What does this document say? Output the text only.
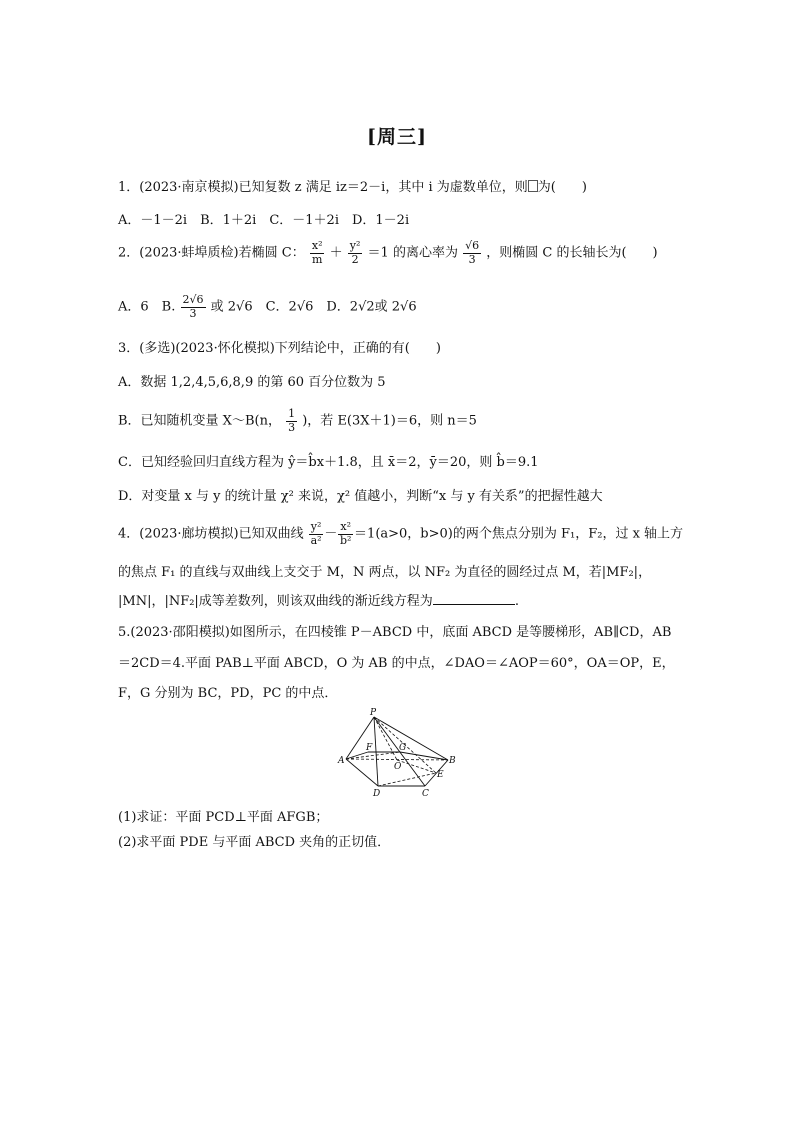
[周三]
1．(2023·南京模拟)已知复数 z 满足 iz＝2－i，其中 i 为虚数单位，则 为(　　)
A．－1－2i　B．1＋2i　C．－1＋2i　D．1－2i
2．(2023·蚌埠质检)若椭圆 C： $\frac{\text{x²}}{m} + \frac{\text{y²}}{2} =1$ 的离心率为 $\frac{√6}{3}$ ，则椭圆 C 的长轴长为(　　)
A．6　B. $\frac{2√6}{3}$ 或 2√6　C．2√6　D．2√2或 2√6
3．(多选)(2023·怀化模拟)下列结论中，正确的有(　　)
A．数据 1,2,4,5,6,8,9 的第 60 百分位数为 5
B．已知随机变量 X～B(n， $\frac{1}{3}$ )，若 E(3X＋1)＝6，则 n＝5
C．已知经验回归直线方程为 ŷ＝b̂x＋1.8，且 x̄＝2，ȳ＝20，则 b̂＝9.1
D．对变量 x 与 y 的统计量 χ² 来说，χ² 值越小，判断“x 与 y 有关系”的把握性越大
4．(2023·廊坊模拟)已知双曲线 $\frac{\text{y²}}{\text{a²}} - \frac{\text{x²}}{\text{b²}} =1(a>0$，b>0)的两个焦点分别为 F₁，F₂，过 x 轴上方
的焦点 F₁ 的直线与双曲线上支交于 M，N 两点，以 NF₂ 为直径的圆经过点 M，若|MF₂|，
|MN|，|NF₂|成等差数列，则该双曲线的渐近线方程为	.
5.(2023·邵阳模拟)如图所示，在四棱锥 P－ABCD 中，底面 ABCD 是等腰梯形，AB∥CD，AB
＝2CD＝4.平面 PAB⊥平面 ABCD，O 为 AB 的中点，∠DAO＝∠AOP＝60°，OA＝OP，E，
F，G 分别为 BC，PD，PC 的中点．
P
F	G
A
O
B
E
D	C
(1)求证：平面 PCD⊥平面 AFGB；
(2)求平面 PDE 与平面 ABCD 夹角的正切值．
